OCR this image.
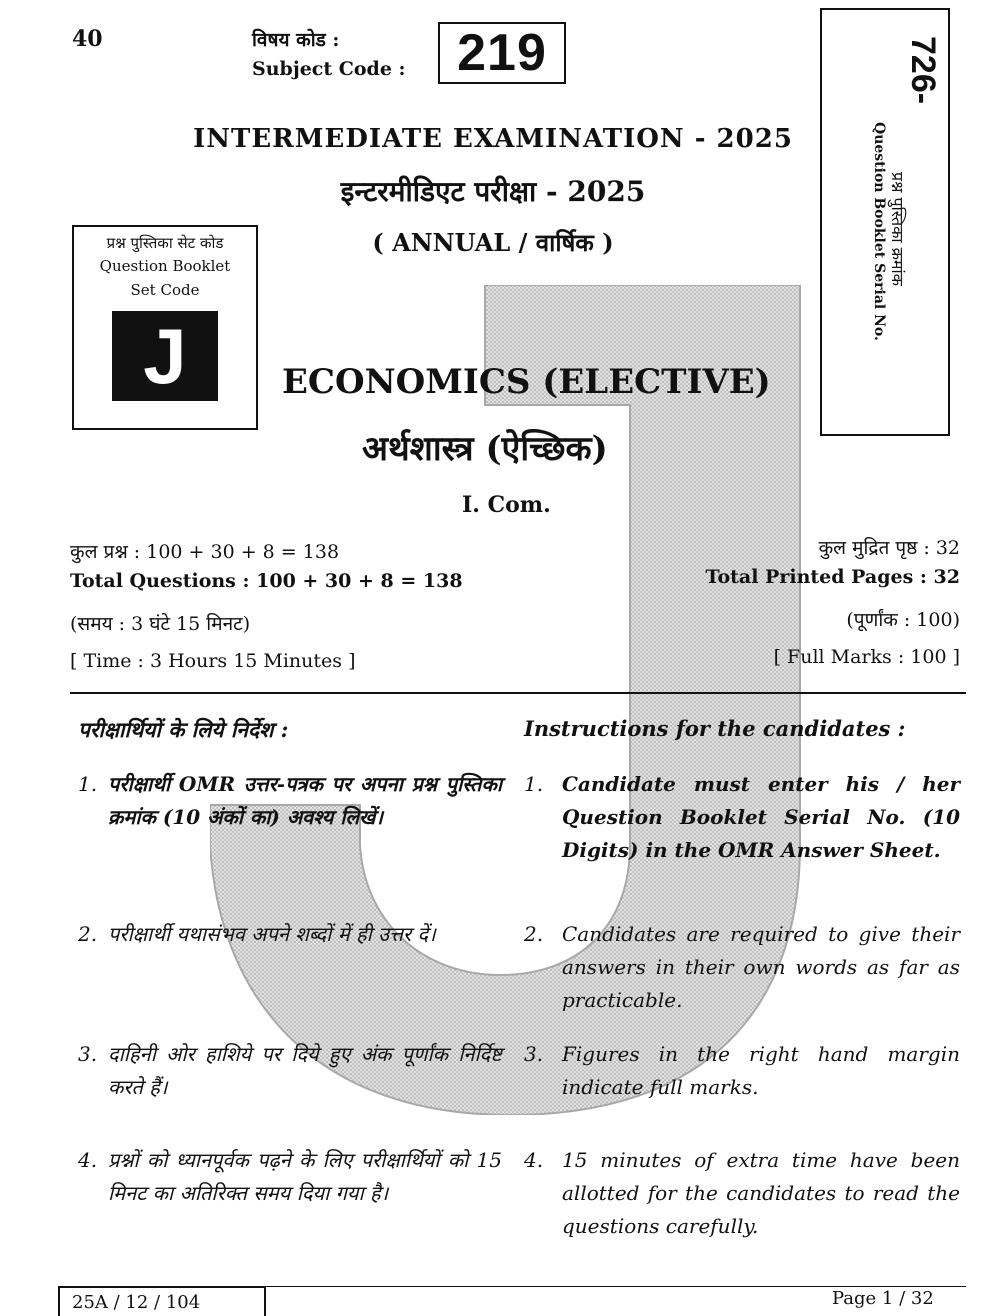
40	विषय कोड :
Subject Code : 219	726-
प्रश्न पुस्तिका क्रमांक
Question Booklet Serial No.
INTERMEDIATE EXAMINATION - 2025
इन्टरमीडिएट परीक्षा - 2025
( ANNUAL / वार्षिक )
प्रश्न पुस्तिका सेट कोड
Question Booklet
Set Code
J	ECONOMICS (ELECTIVE)
अर्थशास्त्र (ऐच्छिक)
I. Com.
कुल प्रश्न : 100 + 30 + 8 = 138
Total Questions : 100 + 30 + 8 = 138
(समय : 3 घंटे 15 मिनट)
[ Time : 3 Hours 15 Minutes ]
कुल मुद्रित पृष्ठ : 32
Total Printed Pages : 32
(पूर्णांक : 100)
[ Full Marks : 100 ]
परीक्षार्थियों के लिये निर्देश :	Instructions for the candidates :
1. परीक्षार्थी OMR उत्तर-पत्रक पर अपना प्रश्न पुस्तिका क्रमांक (10 अंकों का) अवश्य लिखें।
2. परीक्षार्थी यथासंभव अपने शब्दों में ही उत्तर दें।
3. दाहिनी ओर हाशिये पर दिये हुए अंक पूर्णांक निर्दिष्ट करते हैं।
4. प्रश्नों को ध्यानपूर्वक पढ़ने के लिए परीक्षार्थियों को 15 मिनट का अतिरिक्त समय दिया गया है।
1. Candidate must enter his / her Question Booklet Serial No. (10 Digits) in the OMR Answer Sheet.
2. Candidates are required to give their answers in their own words as far as practicable.
3. Figures in the right hand margin indicate full marks.
4. 15 minutes of extra time have been allotted for the candidates to read the questions carefully.
25A / 12 / 104	Page 1 / 32
